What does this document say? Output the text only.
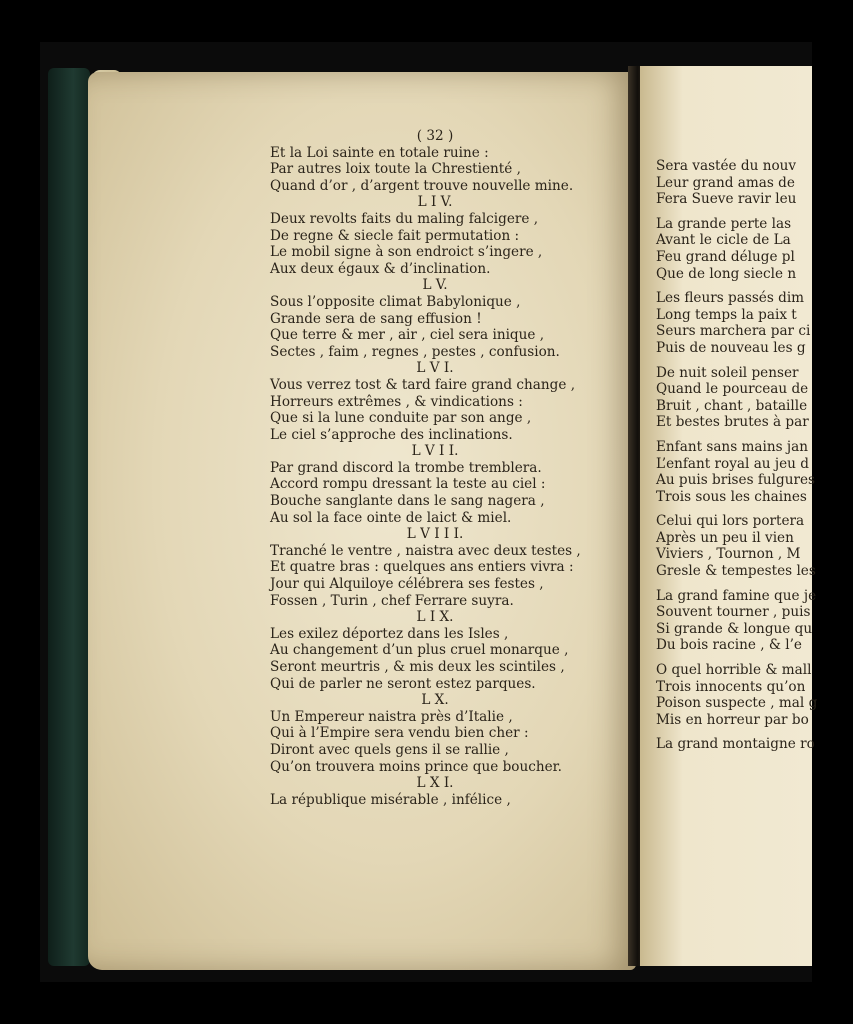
( 32 )
Et la Loi sainte en totale ruine :
Par autres loix toute la Chrestienté ,
Quand d’or , d’argent trouve nouvelle mine.
L I V.
Deux revolts faits du maling falcigere ,
De regne & siecle fait permutation :
Le mobil signe à son endroict s’ingere ,
Aux deux égaux & d’inclination.
L V.
Sous l’opposite climat Babylonique ,
Grande sera de sang effusion !
Que terre & mer , air , ciel sera inique ,
Sectes , faim , regnes , pestes , confusion.
L V I.
Vous verrez tost & tard faire grand change ,
Horreurs extrêmes , & vindications :
Que si la lune conduite par son ange ,
Le ciel s’approche des inclinations.
L V I I.
Par grand discord la trombe tremblera.
Accord rompu dressant la teste au ciel :
Bouche sanglante dans le sang nagera ,
Au sol la face ointe de laict & miel.
L V I I I.
Tranché le ventre , naistra avec deux testes ,
Et quatre bras : quelques ans entiers vivra :
Jour qui Alquiloye célébrera ses festes ,
Fossen , Turin , chef Ferrare suyra.
L I X.
Les exilez déportez dans les Isles ,
Au changement d’un plus cruel monarque ,
Seront meurtris , & mis deux les scintiles ,
Qui de parler ne seront estez parques.
L X.
Un Empereur naistra près d’Italie ,
Qui à l’Empire sera vendu bien cher :
Diront avec quels gens il se rallie ,
Qu’on trouvera moins prince que boucher.
L X I.
La république misérable , infélice ,
Sera vastée du nouv
Leur grand amas de
Fera Sueve ravir leu
La grande perte las
Avant le cicle de La
Feu grand déluge pl
Que de long siecle n
Les fleurs passés dim
Long temps la paix t
Seurs marchera par ci
Puis de nouveau les g
De nuit soleil penser
Quand le pourceau de
Bruit , chant , bataille
Et bestes brutes à par
Enfant sans mains jan
L’enfant royal au jeu d
Au puis brises fulgures
Trois sous les chaines
Celui qui lors portera
Après un peu il vien
Viviers , Tournon , M
Gresle & tempestes les
La grand famine que je
Souvent tourner , puis
Si grande & longue qu
Du bois racine , & l’e
O quel horrible & mall
Trois innocents qu’on
Poison suspecte , mal g
Mis en horreur par bo
La grand montaigne ro
